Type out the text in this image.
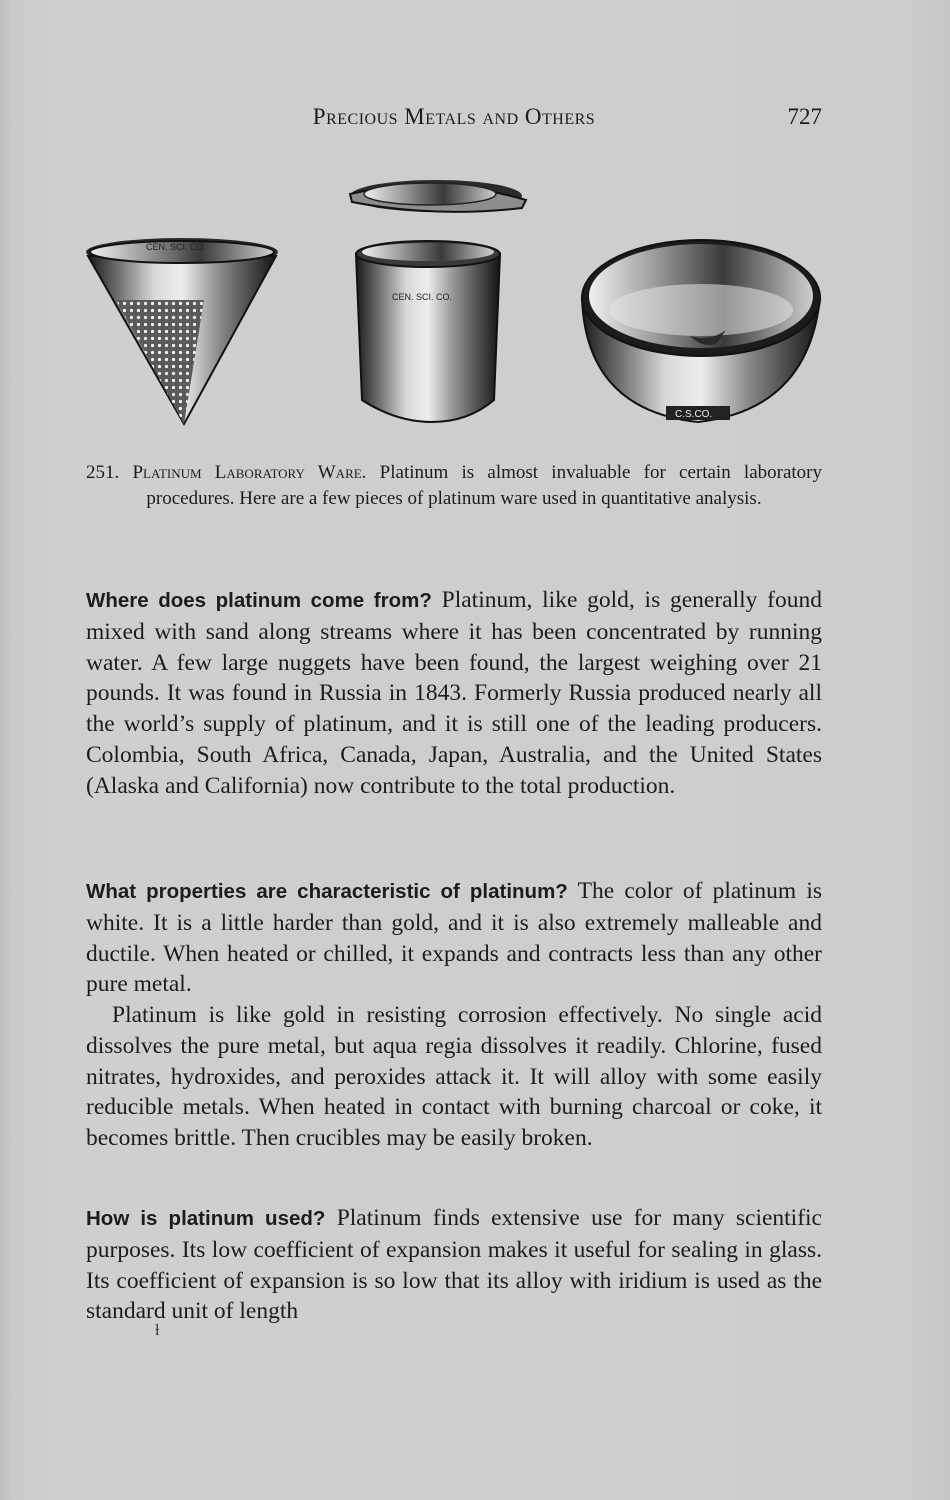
Precious Metals and Others	727
CEN. SCI. CO.
CEN. SCI. CO.
C.S.CO.
251. Platinum Laboratory Ware. Platinum is almost invaluable for certain laboratory procedures. Here are a few pieces of platinum ware used in quantitative analysis.

Where does platinum come from? Platinum, like gold, is generally found mixed with sand along streams where it has been concentrated by running water. A few large nuggets have been found, the largest weighing over 21 pounds. It was found in Russia in 1843. Formerly Russia produced nearly all the world’s supply of platinum, and it is still one of the leading producers. Colombia, South Africa, Canada, Japan, Australia, and the United States (Alaska and California) now contribute to the total production.

What properties are characteristic of platinum? The color of platinum is white. It is a little harder than gold, and it is also extremely malleable and ductile. When heated or chilled, it expands and contracts less than any other pure metal.

Platinum is like gold in resisting corrosion effectively. No single acid dissolves the pure metal, but aqua regia dissolves it readily. Chlorine, fused nitrates, hydroxides, and peroxides attack it. It will alloy with some easily reducible metals. When heated in contact with burning charcoal or coke, it becomes brittle. Then crucibles may be easily broken.

How is platinum used? Platinum finds extensive use for many scientific purposes. Its low coefficient of expansion makes it useful for sealing in glass. Its coefficient of expansion is so low that its alloy with iridium is used as the standard unit of length

ɫ
